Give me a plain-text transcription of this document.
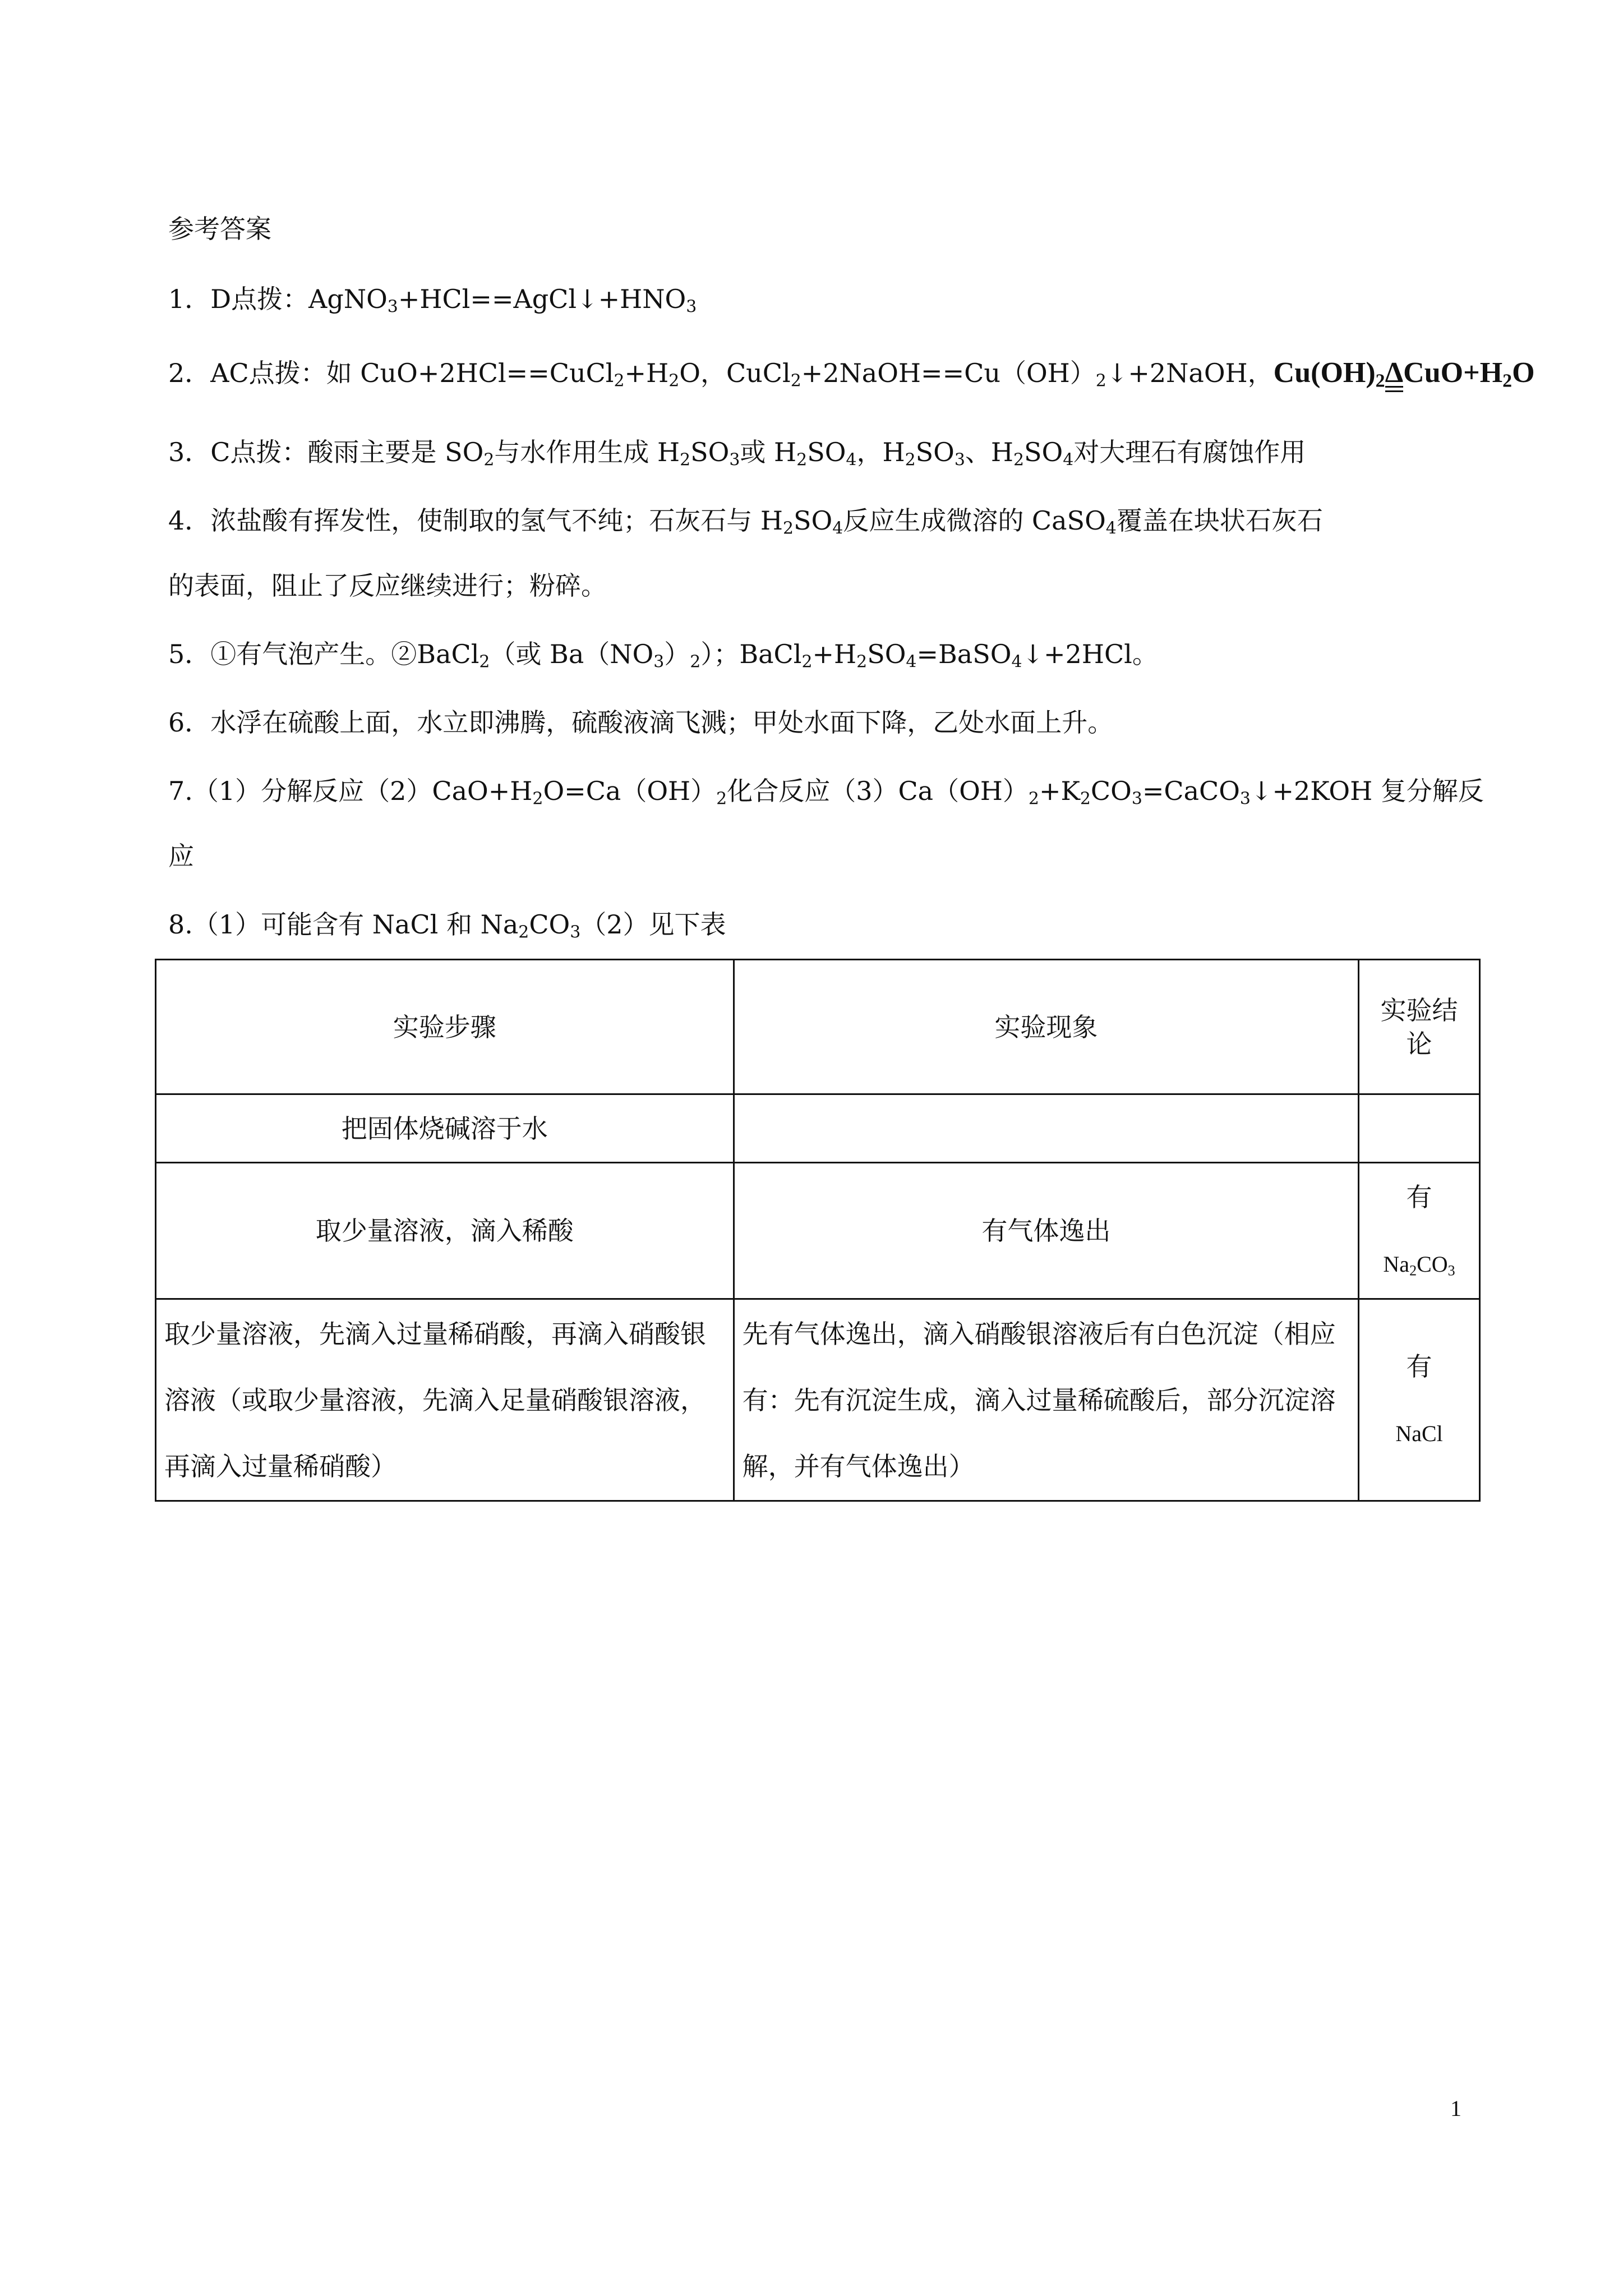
参考答案
1．D点拨：$AgNO_3+HCl==AgCl↓+HNO_3$
2．AC点拨：如 $CuO+2HCl==CuCl_2+H_2O$，$CuCl_2+2NaOH==Cu(OH)_2↓+2NaOH$，$Cu(OH)_2\Delta$
$CuO+H_2O$
3．C点拨：酸雨主要是 $SO_2$与水作用生成 $H_2SO_3$或 $H_2SO_4$，$H_2SO_3$、$H_2SO_4$对大理石有腐蚀作用
4．浓盐酸有挥发性，使制取的氢气不纯；石灰石与 $H_2SO_4$反应生成微溶的 CaSO$_4$覆盖在块状石灰石
的表面，阻止了反应继续进行；粉碎。
5．①有气泡产生。②BaCl$_2$（或 $Ba(NO_3)_2$）；$BaCl_2+H_2SO_4=BaSO_4↓+2HCl$。
6．水浮在硫酸上面，水立即沸腾，硫酸液滴飞溅；甲处水面下降，乙处水面上升。
7.（1）分解反应$(2)CaO+H_2O=Ca(OH)_2$化合反应$(3)Ca(OH)_2+K_2CO_3=CaCO_3↓+2KOH$ 复分解反
应
8.（1）可能含有 NaCl 和 $Na_2CO_3(2)$见下表
实验步骤	实验现象	实验结论
把固体烧碱溶于水		
取少量溶液，滴入稀酸	有气体逸出	有
$Na_2CO_3$

取少量溶液，先滴入过量稀硝酸，再滴入硝酸银溶液（或取少量溶液，先滴入足量硝酸银溶液，再滴入过量稀硝酸）	先有气体逸出，滴入硝酸银溶液后有白色沉淀（相应有：先有沉淀生成，滴入过量稀硫酸后，部分沉淀溶解，并有气体逸出）	有
NaCl
1
